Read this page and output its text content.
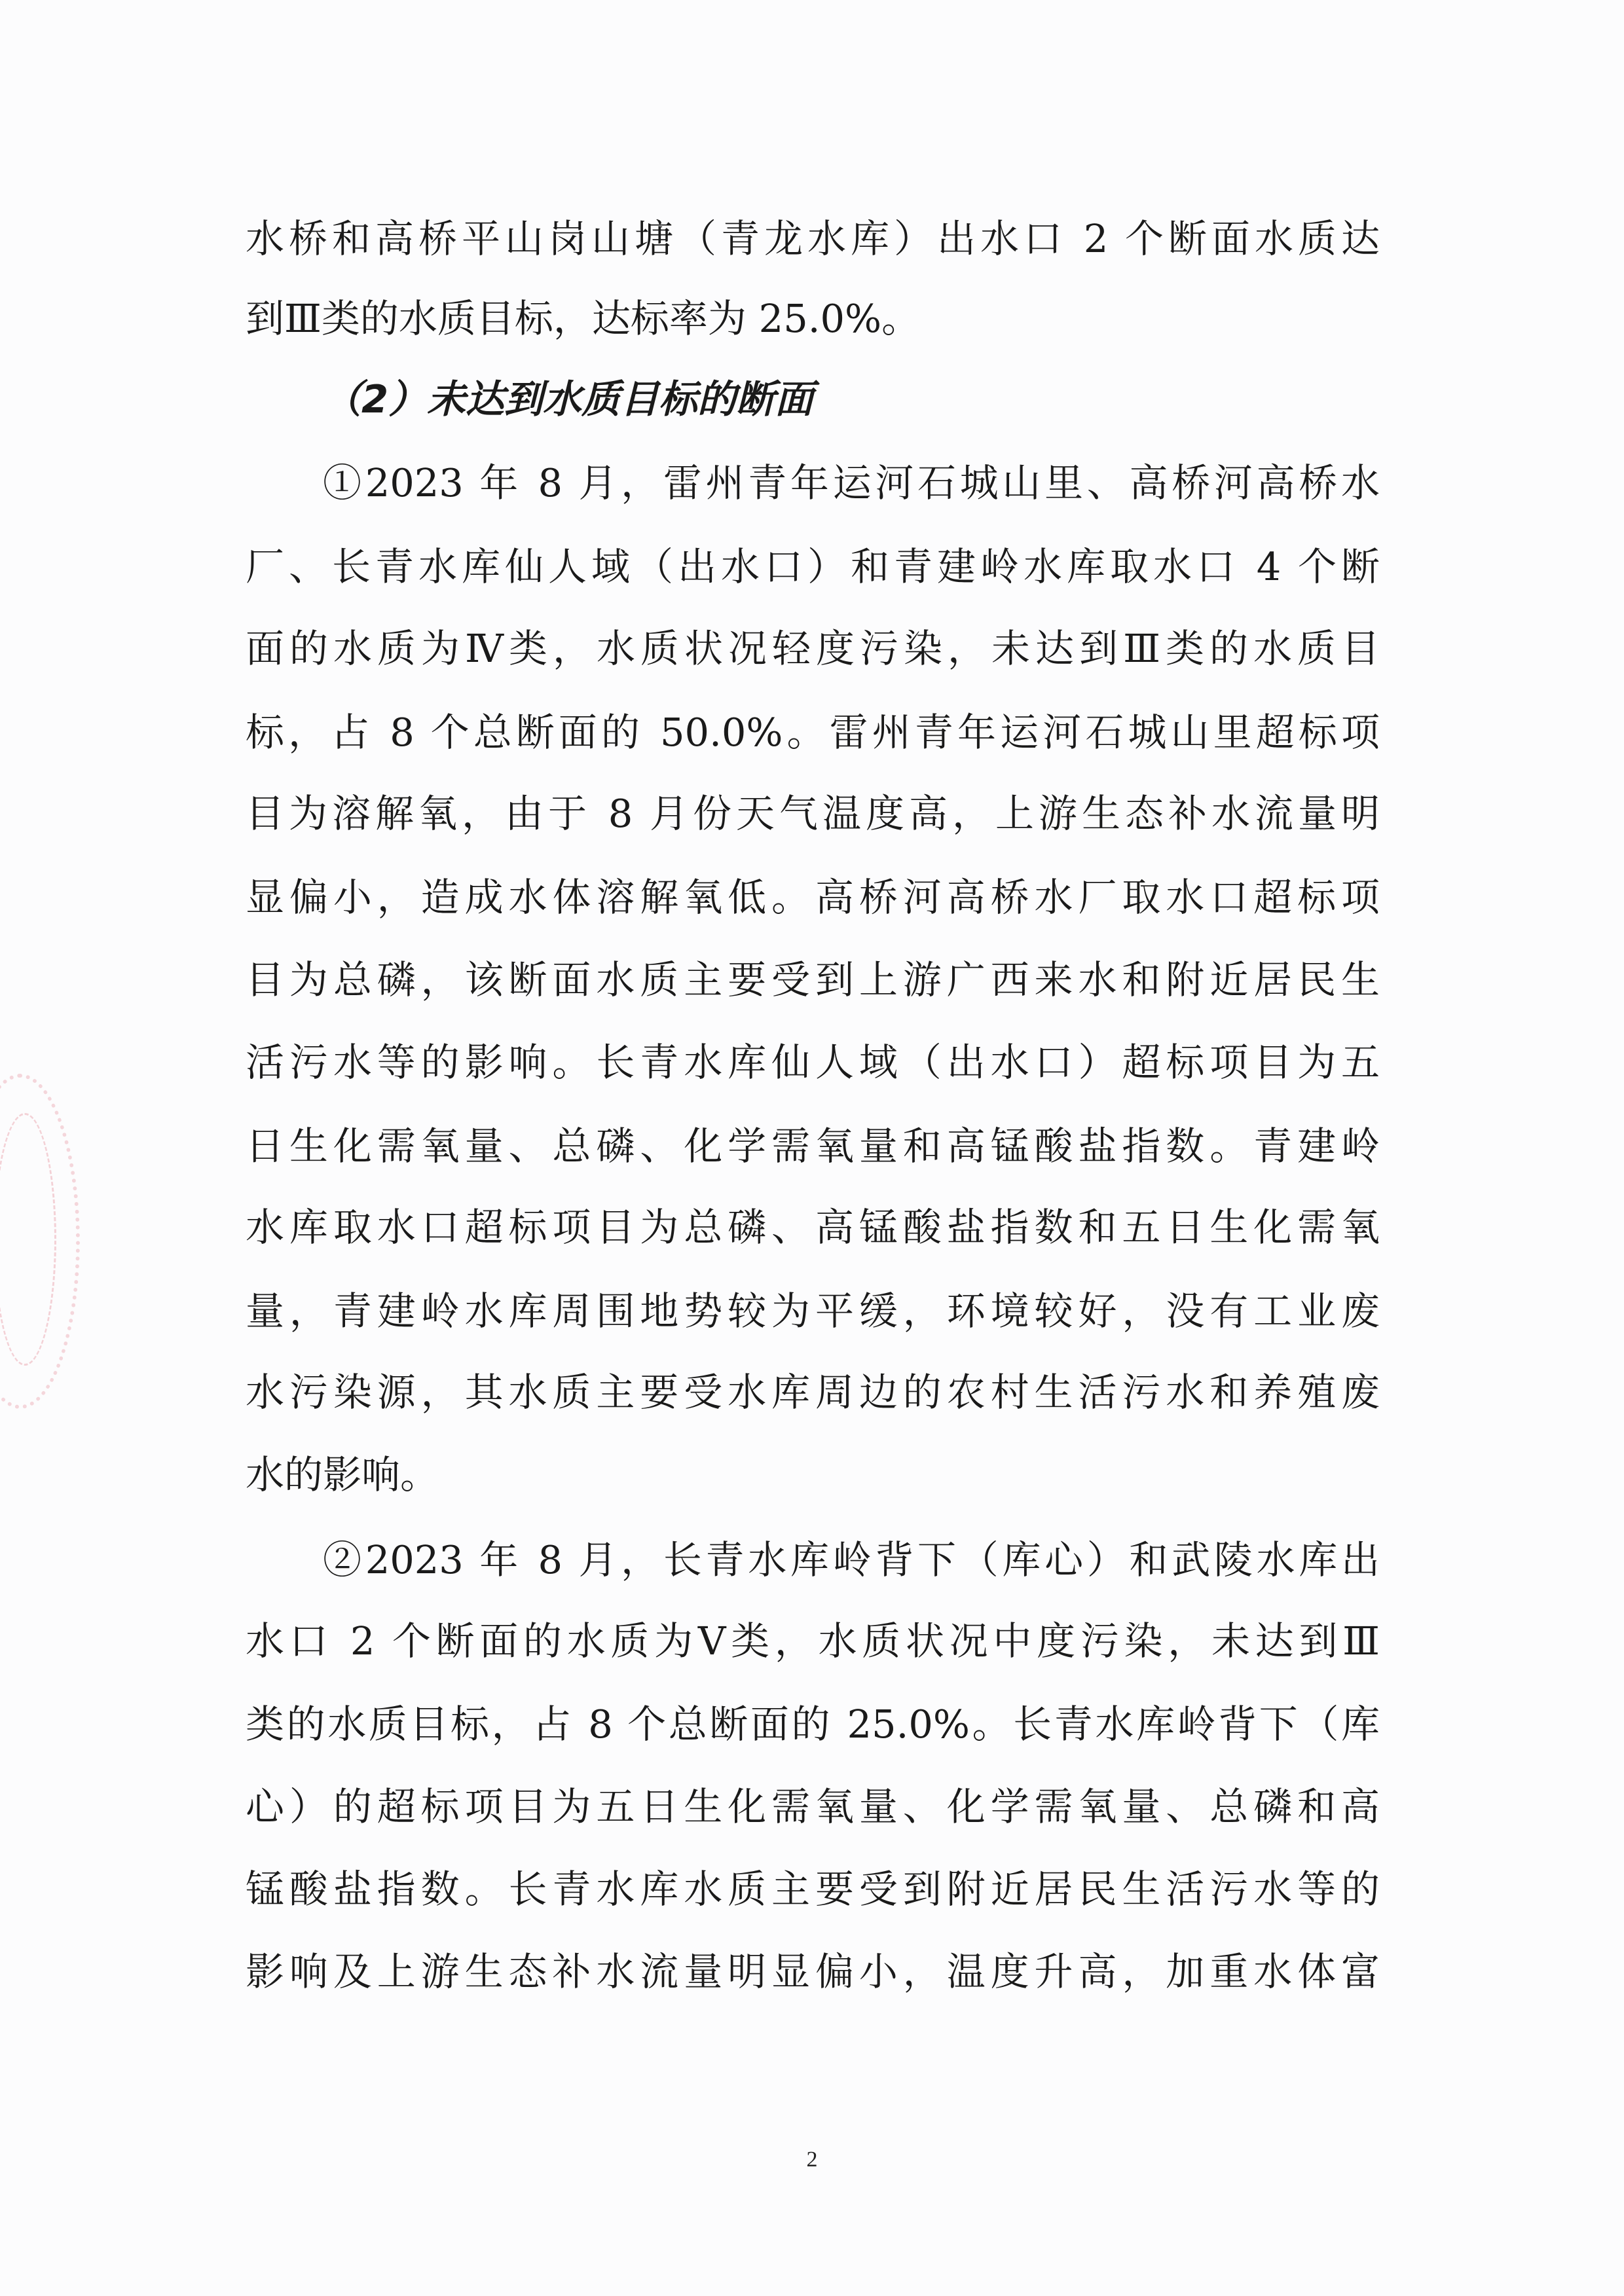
水桥和高桥平山岗山塘（青龙水库）出水口 2 个断面水质达
到Ⅲ类的水质目标，达标率为 25.0%。
（2）未达到水质目标的断面
①2023 年 8 月，雷州青年运河石城山里、高桥河高桥水
厂、长青水库仙人域（出水口）和青建岭水库取水口 4 个断
面的水质为Ⅳ类，水质状况轻度污染，未达到Ⅲ类的水质目
标，占 8 个总断面的 50.0%。雷州青年运河石城山里超标项
目为溶解氧，由于 8 月份天气温度高，上游生态补水流量明
显偏小，造成水体溶解氧低。高桥河高桥水厂取水口超标项
目为总磷，该断面水质主要受到上游广西来水和附近居民生
活污水等的影响。长青水库仙人域（出水口）超标项目为五
日生化需氧量、总磷、化学需氧量和高锰酸盐指数。青建岭
水库取水口超标项目为总磷、高锰酸盐指数和五日生化需氧
量，青建岭水库周围地势较为平缓，环境较好，没有工业废
水污染源，其水质主要受水库周边的农村生活污水和养殖废
水的影响。
②2023 年 8 月，长青水库岭背下（库心）和武陵水库出
水口 2 个断面的水质为Ⅴ类，水质状况中度污染，未达到Ⅲ
类的水质目标，占 8 个总断面的 25.0%。长青水库岭背下（库
心）的超标项目为五日生化需氧量、化学需氧量、总磷和高
锰酸盐指数。长青水库水质主要受到附近居民生活污水等的
影响及上游生态补水流量明显偏小，温度升高，加重水体富
2
